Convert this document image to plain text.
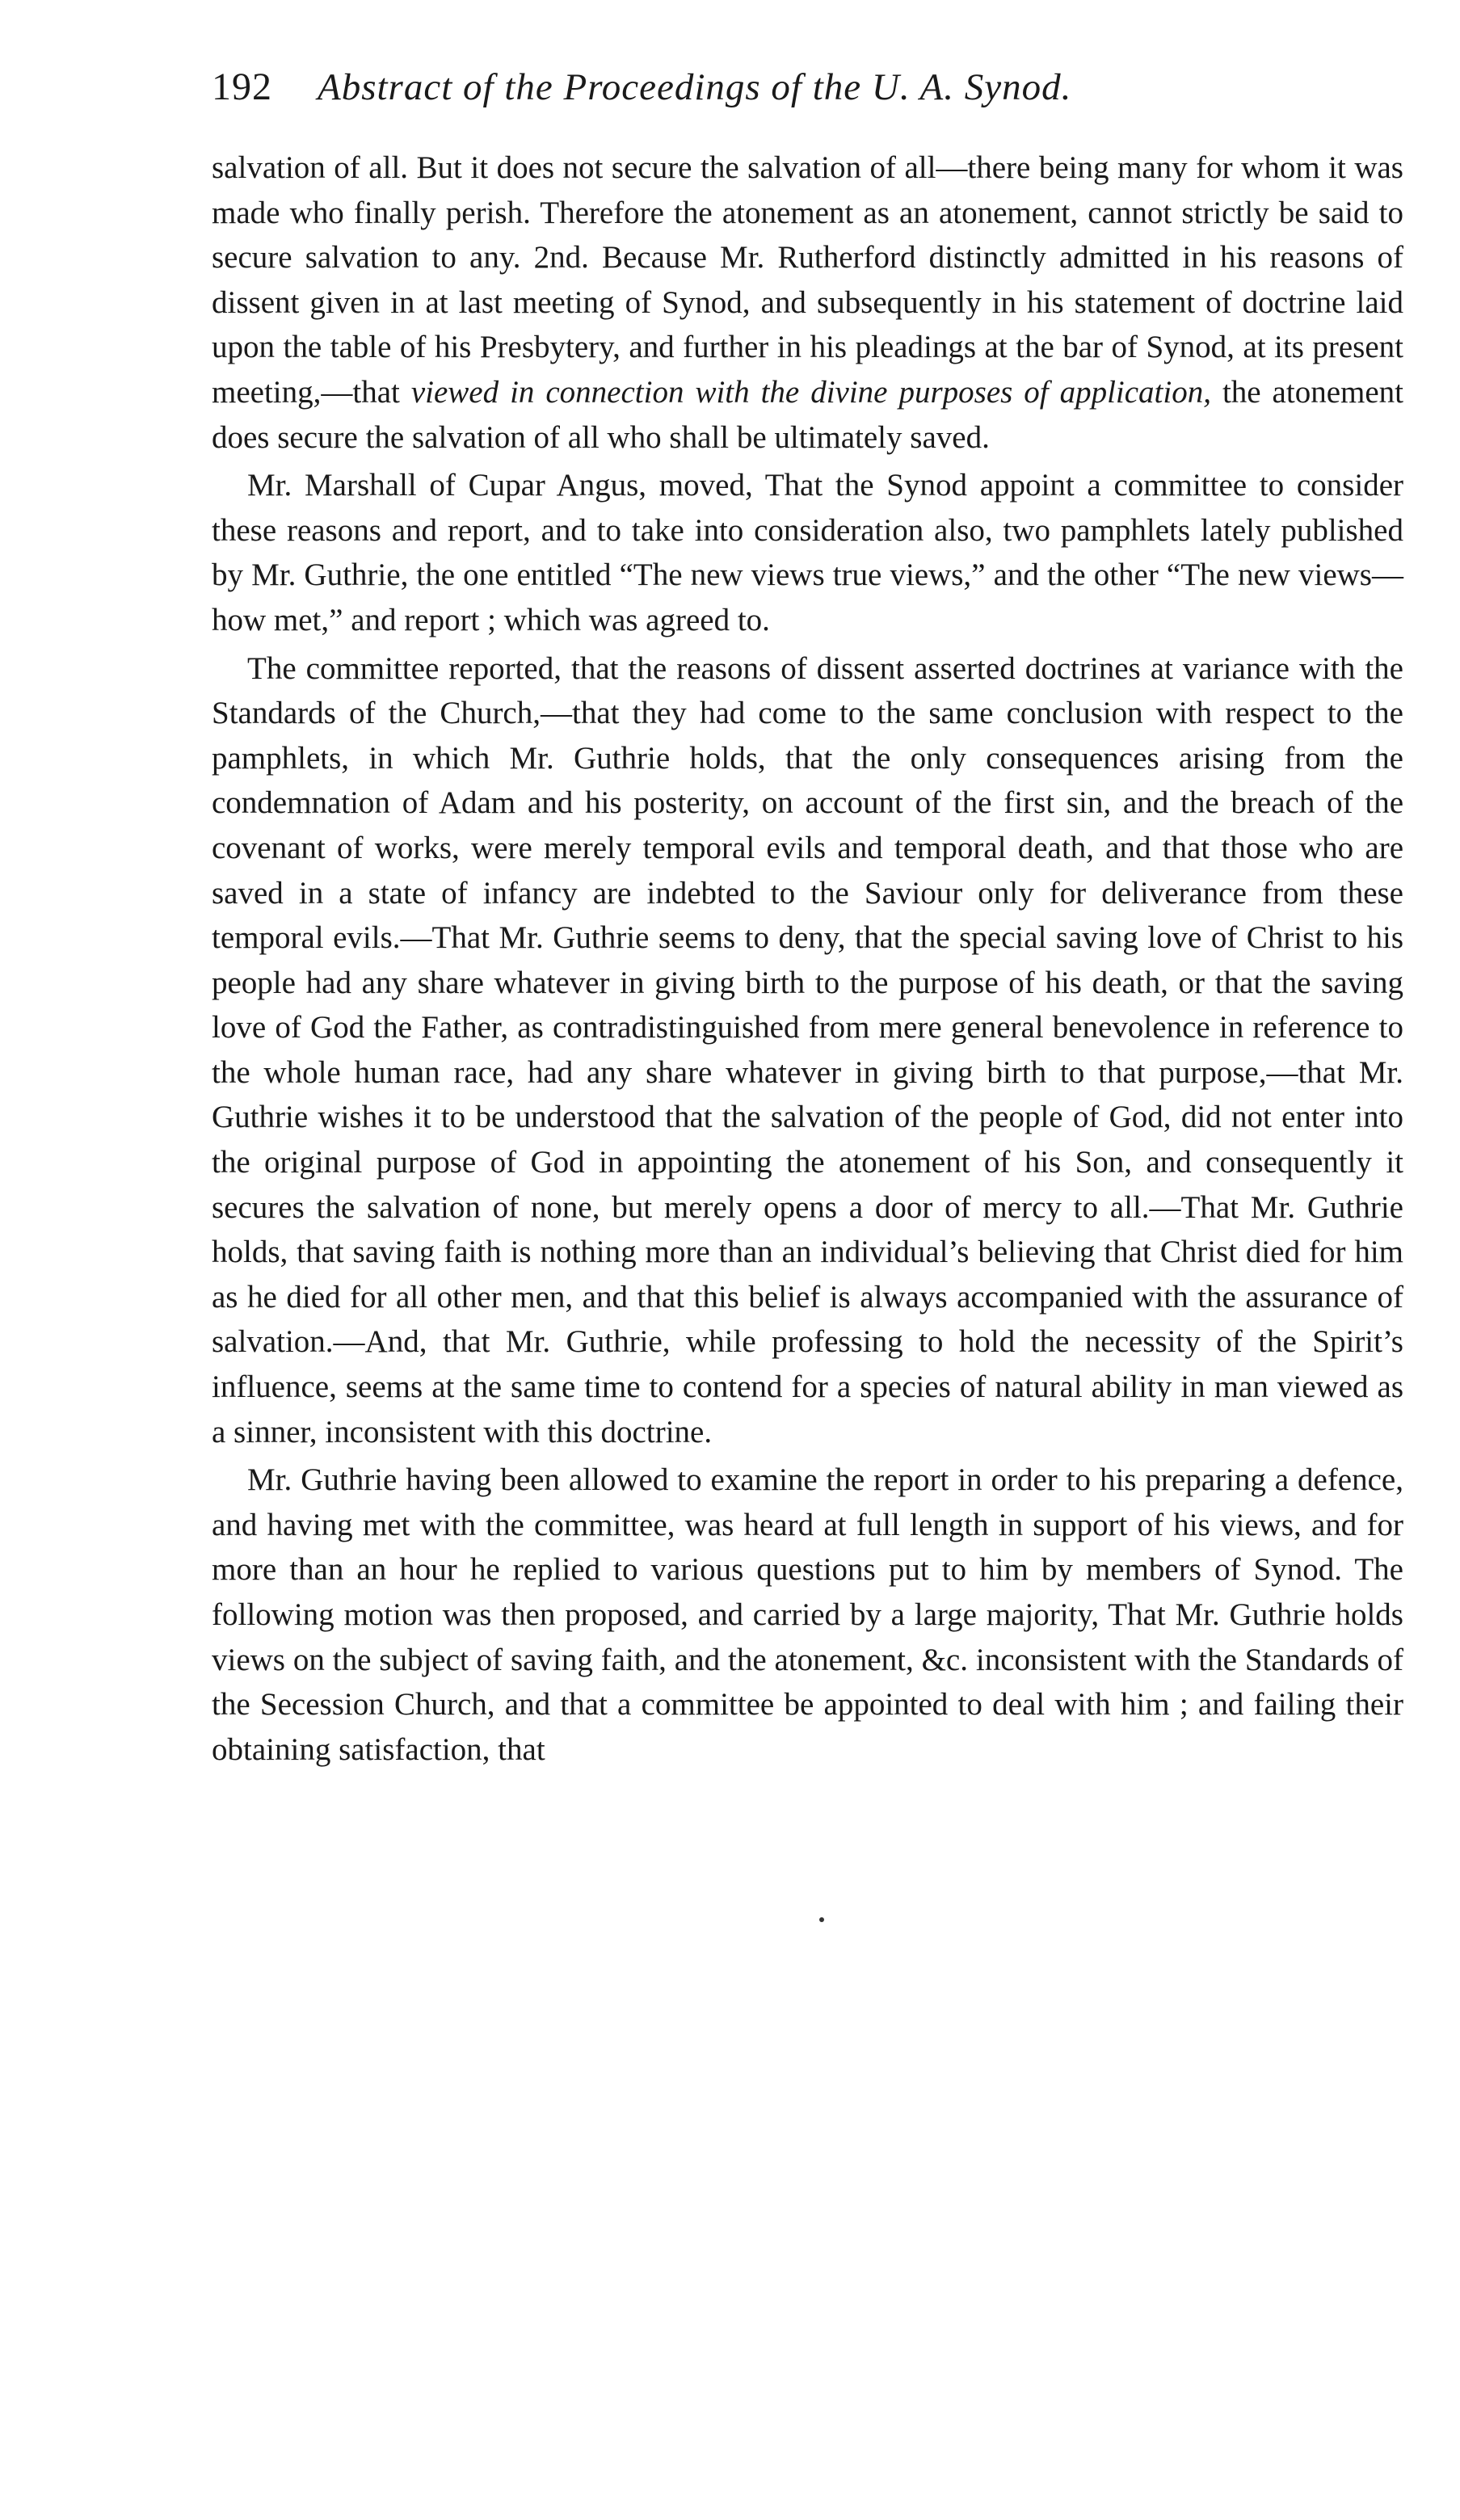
192 Abstract of the Proceedings of the U. A. Synod.

salvation of all. But it does not secure the salvation of all—there being many for whom it was made who finally perish. Therefore the atonement as an atonement, cannot strictly be said to secure salvation to any. 2nd. Because Mr. Rutherford distinctly admitted in his reasons of dissent given in at last meeting of Synod, and subsequently in his statement of doctrine laid upon the table of his Presbytery, and further in his pleadings at the bar of Synod, at its present meeting,—that viewed in connection with the divine purposes of application, the atonement does secure the salvation of all who shall be ultimately saved.

Mr. Marshall of Cupar Angus, moved, That the Synod appoint a committee to consider these reasons and report, and to take into consideration also, two pamphlets lately published by Mr. Guthrie, the one entitled “The new views true views,” and the other “The new views—how met,” and report ; which was agreed to.

The committee reported, that the reasons of dissent asserted doctrines at variance with the Standards of the Church,—that they had come to the same conclusion with respect to the pamphlets, in which Mr. Guthrie holds, that the only consequences arising from the condemnation of Adam and his posterity, on account of the first sin, and the breach of the covenant of works, were merely temporal evils and temporal death, and that those who are saved in a state of infancy are indebted to the Saviour only for deliverance from these temporal evils.—That Mr. Guthrie seems to deny, that the special saving love of Christ to his people had any share whatever in giving birth to the purpose of his death, or that the saving love of God the Father, as contradistinguished from mere general benevolence in reference to the whole human race, had any share whatever in giving birth to that purpose,—that Mr. Guthrie wishes it to be understood that the salvation of the people of God, did not enter into the original purpose of God in appointing the atonement of his Son, and consequently it secures the salvation of none, but merely opens a door of mercy to all.—That Mr. Guthrie holds, that saving faith is nothing more than an individual’s believing that Christ died for him as he died for all other men, and that this belief is always accompanied with the assurance of salvation.—And, that Mr. Guthrie, while professing to hold the necessity of the Spirit’s influence, seems at the same time to contend for a species of natural ability in man viewed as a sinner, inconsistent with this doctrine.

Mr. Guthrie having been allowed to examine the report in order to his preparing a defence, and having met with the committee, was heard at full length in support of his views, and for more than an hour he replied to various questions put to him by members of Synod. The following motion was then proposed, and carried by a large majority, That Mr. Guthrie holds views on the subject of saving faith, and the atonement, &c. inconsistent with the Standards of the Secession Church, and that a committee be appointed to deal with him ; and failing their obtaining satisfaction, that
